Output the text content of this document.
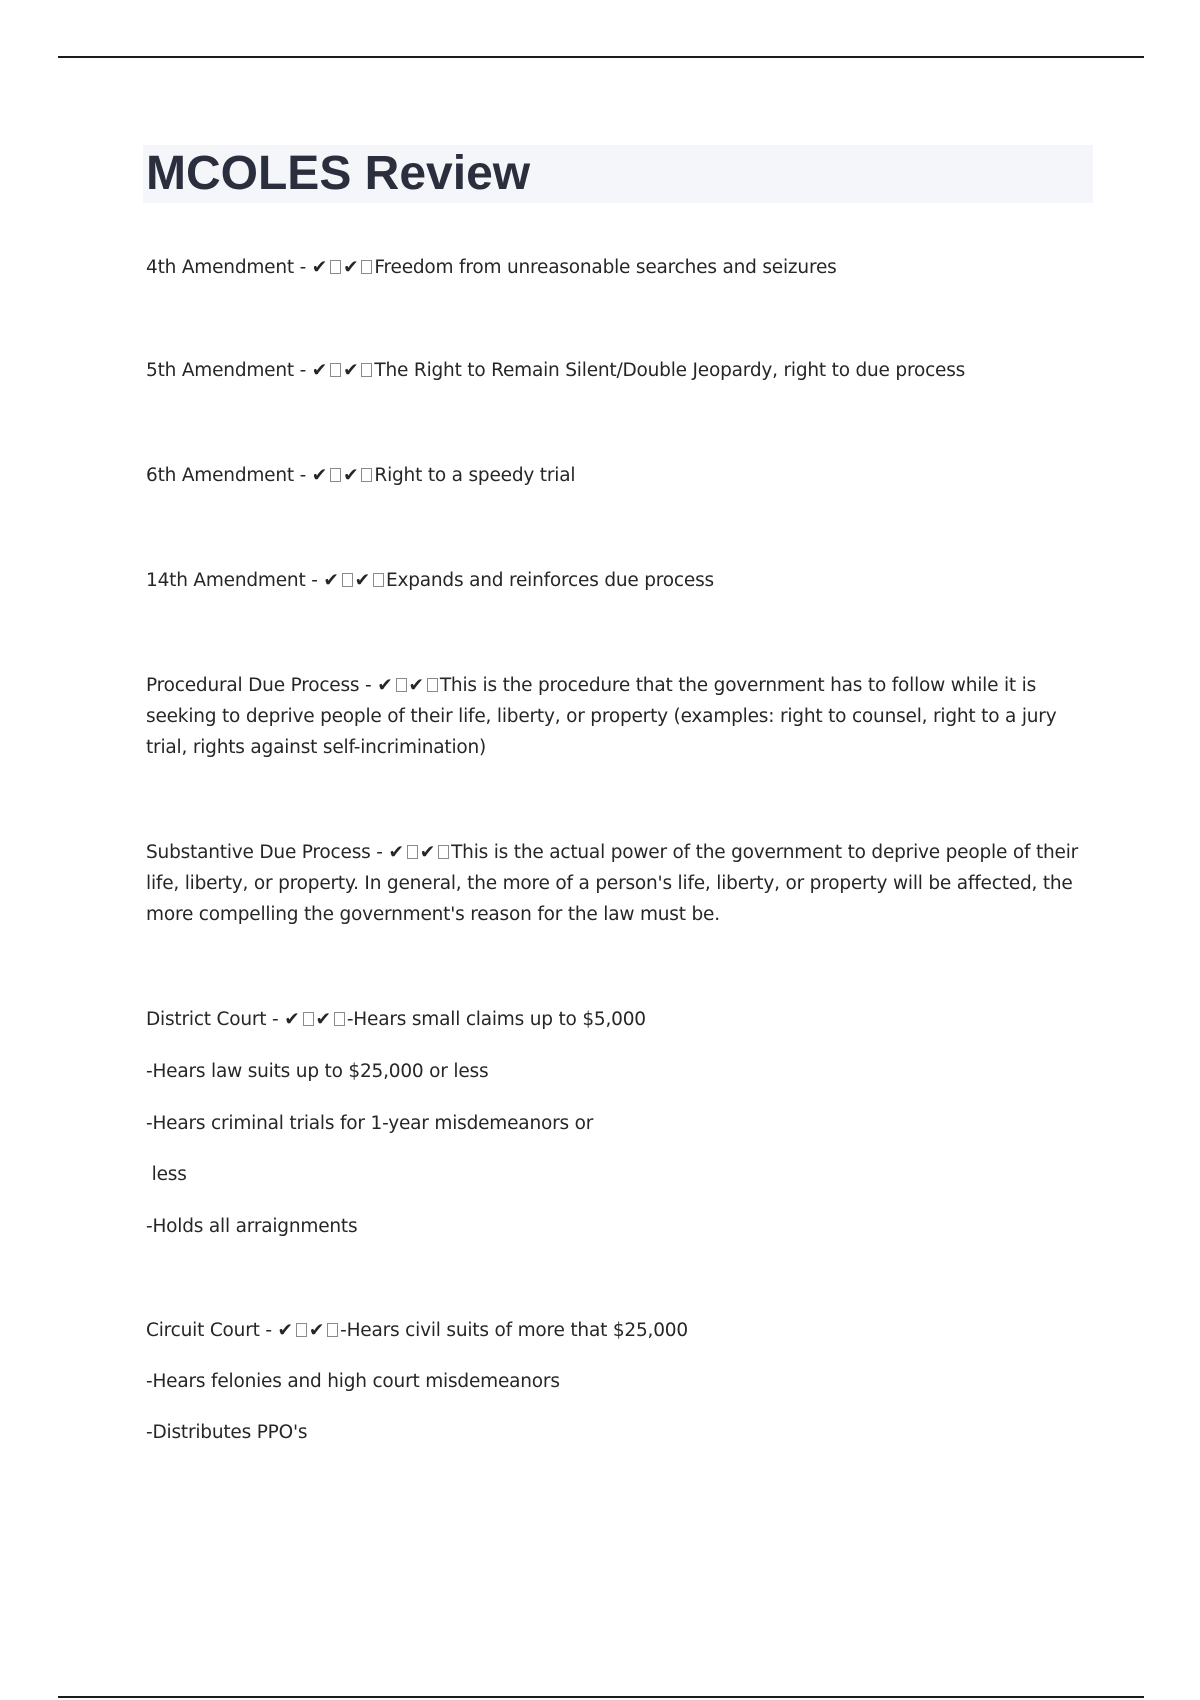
MCOLES Review
4th Amendment - ✔ ✔ Freedom from unreasonable searches and seizures
5th Amendment - ✔ ✔ The Right to Remain Silent/Double Jeopardy, right to due process
6th Amendment - ✔ ✔ Right to a speedy trial
14th Amendment - ✔ ✔ Expands and reinforces due process
Procedural Due Process - ✔ ✔ This is the procedure that the government has to follow while it is seeking to deprive people of their life, liberty, or property (examples: right to counsel, right to a jury trial, rights against self-incrimination)
Substantive Due Process - ✔ ✔ This is the actual power of the government to deprive people of their life, liberty, or property. In general, the more of a person's life, liberty, or property will be affected, the more compelling the government's reason for the law must be.
District Court - ✔ ✔ -Hears small claims up to $5,000
-Hears law suits up to $25,000 or less
-Hears criminal trials for 1-year misdemeanors or
less
-Holds all arraignments
Circuit Court - ✔ ✔ -Hears civil suits of more that $25,000
-Hears felonies and high court misdemeanors
-Distributes PPO's
